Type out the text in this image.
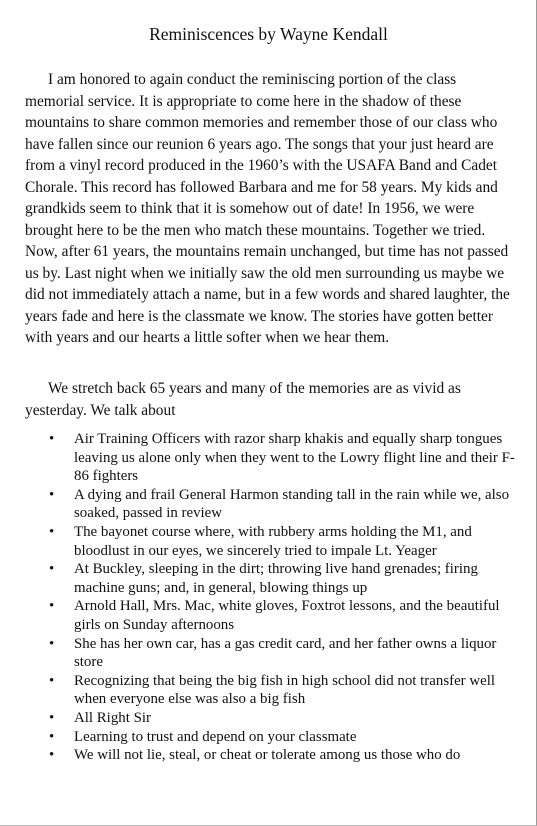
Reminiscences by Wayne Kendall

I am honored to again conduct the reminiscing portion of the class memorial service. It is appropriate to come here in the shadow of these mountains to share common memories and remember those of our class who have fallen since our reunion 6 years ago. The songs that your just heard are from a vinyl record produced in the 1960’s with the USAFA Band and Cadet Chorale. This record has followed Barbara and me for 58 years. My kids and grandkids seem to think that it is somehow out of date! In 1956, we were brought here to be the men who match these mountains. Together we tried. Now, after 61 years, the mountains remain unchanged, but time has not passed us by. Last night when we initially saw the old men surrounding us maybe we did not immediately attach a name, but in a few words and shared laughter, the years fade and here is the classmate we know. The stories have gotten better with years and our hearts a little softer when we hear them.

We stretch back 65 years and many of the memories are as vivid as yesterday. We talk about

• Air Training Officers with razor sharp khakis and equally sharp tongues leaving us alone only when they went to the Lowry flight line and their F-86 fighters
• A dying and frail General Harmon standing tall in the rain while we, also soaked, passed in review
• The bayonet course where, with rubbery arms holding the M1, and bloodlust in our eyes, we sincerely tried to impale Lt. Yeager
• At Buckley, sleeping in the dirt; throwing live hand grenades; firing machine guns; and, in general, blowing things up
• Arnold Hall, Mrs. Mac, white gloves, Foxtrot lessons, and the beautiful girls on Sunday afternoons
• She has her own car, has a gas credit card, and her father owns a liquor store
• Recognizing that being the big fish in high school did not transfer well when everyone else was also a big fish
• All Right Sir
• Learning to trust and depend on your classmate
• We will not lie, steal, or cheat or tolerate among us those who do
